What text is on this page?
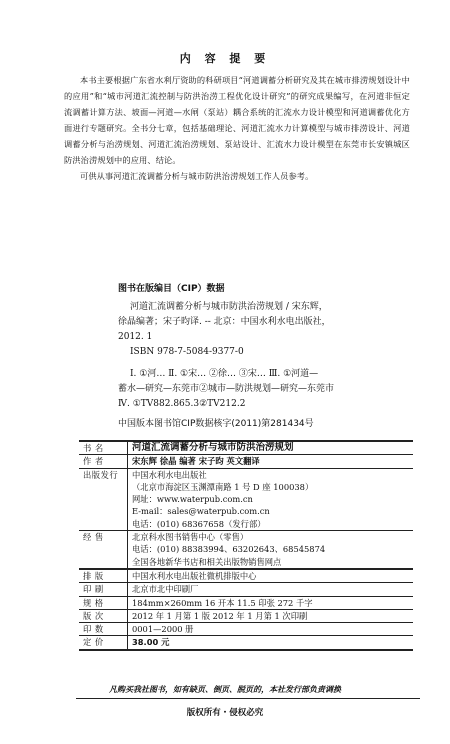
内 容 提 要

本书主要根据广东省水利厅资助的科研项目“河道调蓄分析研究及其在城市排涝规划设计中的应用”和“城市河道汇流控制与防洪治涝工程优化设计研究”的研究成果编写，在河道非恒定流调蓄计算方法、坡面—河道—水闸（泵站）耦合系统的汇流水力设计模型和河道调蓄优化方面进行专题研究。全书分七章，包括基础理论、河道汇流水力计算模型与城市排涝设计、河道调蓄分析与治涝规划、河道汇流治涝规划、泵站设计、汇流水力设计模型在东莞市长安镇城区防洪治涝规划中的应用、结论。

可供从事河道汇流调蓄分析与城市防洪治涝规划工作人员参考。

图书在版编目（CIP）数据
河道汇流调蓄分析与城市防洪治涝规划 / 宋东辉，
徐晶编著；宋子昀译. -- 北京：中国水利水电出版社，
2012. 1
ISBN 978-7-5084-9377-0
Ⅰ. ①河… Ⅱ. ①宋… ②徐… ③宋… Ⅲ. ①河道—
蓄水—研究—东莞市②城市—防洪规划—研究—东莞市
Ⅳ. ①TV882.865.3②TV212.2
中国版本图书馆CIP数据核字(2011)第281434号
书 名	河道汇流调蓄分析与城市防洪治涝规划

作 者	宋东辉 徐晶 编著 宋子昀 英文翻译

出版发行	中国水利水电出版社
（北京市海淀区玉渊潭南路 1 号 D 座 100038）
网址：www.waterpub.com.cn
E-mail：sales@waterpub.com.cn
电话：(010) 68367658（发行部）

经 售	北京科水图书销售中心（零售）
电话：(010) 88383994、63202643、68545874
全国各地新华书店和相关出版物销售网点

排 版	中国水利水电出版社微机排版中心

印 刷	北京市北中印刷厂

规 格	184mm×260mm 16 开本 11.5 印张 272 千字

版 次	2012 年 1 月第 1 版 2012 年 1 月第 1 次印刷

印 数	0001—2000 册

定 价	38.00 元
凡购买我社图书，如有缺页、倒页、脱页的，本社发行部负责调换
版权所有・侵权必究
